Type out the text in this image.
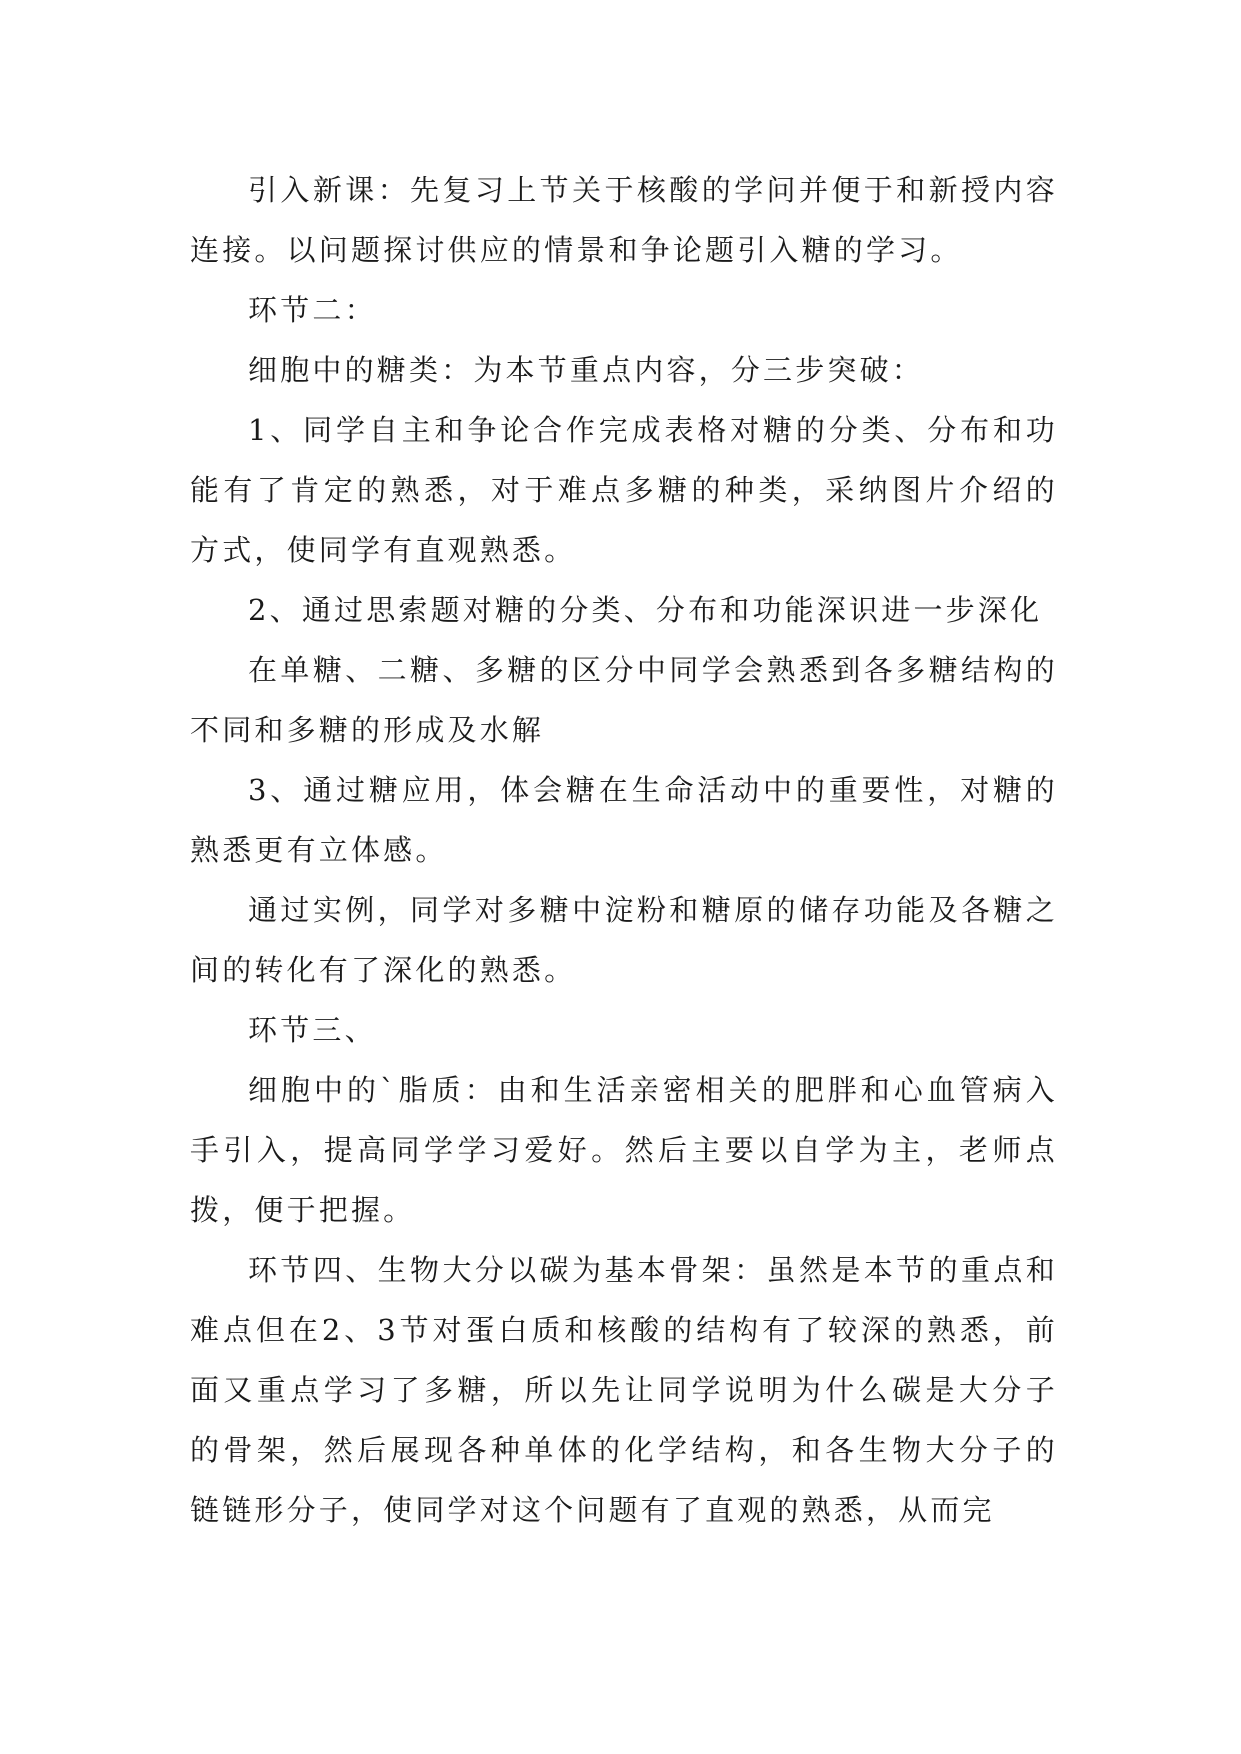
引入新课：先复习上节关于核酸的学问并便于和新授内容连接。以问题探讨供应的情景和争论题引入糖的学习。

环节二：

细胞中的糖类：为本节重点内容，分三步突破：

1、同学自主和争论合作完成表格对糖的分类、分布和功能有了肯定的熟悉，对于难点多糖的种类，采纳图片介绍的方式，使同学有直观熟悉。

2、通过思索题对糖的分类、分布和功能深识进一步深化

在单糖、二糖、多糖的区分中同学会熟悉到各多糖结构的不同和多糖的形成及水解

3、通过糖应用，体会糖在生命活动中的重要性，对糖的熟悉更有立体感。

通过实例，同学对多糖中淀粉和糖原的储存功能及各糖之间的转化有了深化的熟悉。

环节三、

细胞中的`脂质：由和生活亲密相关的肥胖和心血管病入手引入，提高同学学习爱好。然后主要以自学为主，老师点拨，便于把握。

环节四、生物大分以碳为基本骨架：虽然是本节的重点和难点但在2、3节对蛋白质和核酸的结构有了较深的熟悉，前面又重点学习了多糖，所以先让同学说明为什么碳是大分子的骨架，然后展现各种单体的化学结构，和各生物大分子的链链形分子，使同学对这个问题有了直观的熟悉，从而完
